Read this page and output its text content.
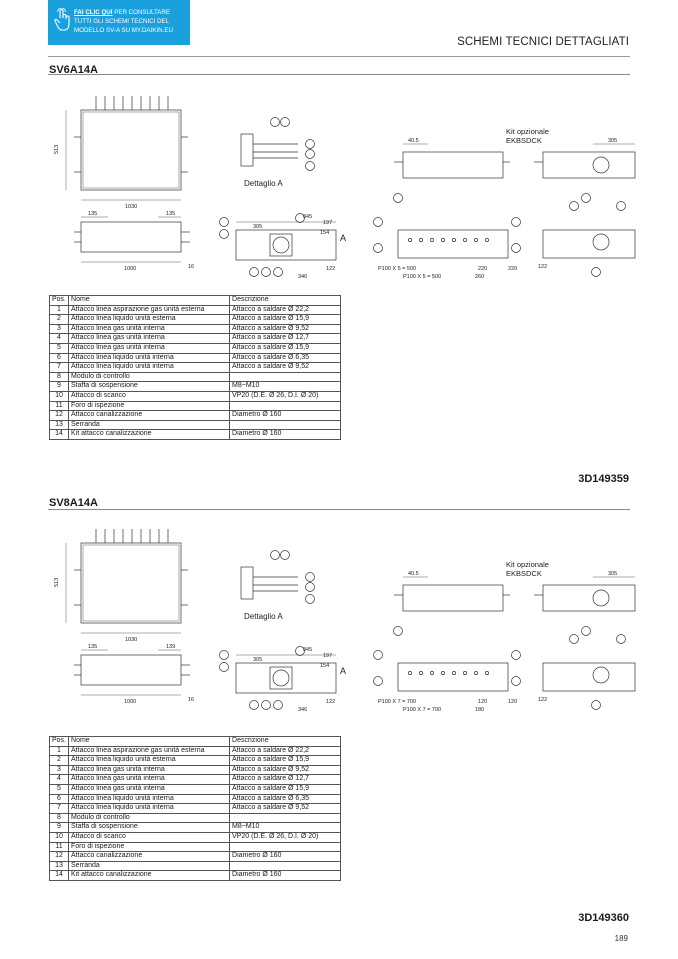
FAI CLIC QUI PER CONSULTARE
TUTTI GLI SCHEMI TECNICI DEL
MODELLO SV-A SU MY.DAIKIN.EU
SCHEMI TECNICI DETTAGLIATI
SV6A14A
1030
513
135	135
1000	16
Dettaglio A
845
305
197
154
122
346
A
Kit opzionale
EKBSDCK
40.5	305
P100 X 5 = 500
P100 X 5 = 500
220
260
220	122
Pos.	Nome	Descrizione
1	Attacco linea aspirazione gas unità esterna	Attacco a saldare Ø 22,2
2	Attacco linea liquido unità esterna	Attacco a saldare Ø 15,9
3	Attacco linea gas unità interna	Attacco a saldare Ø 9,52
4	Attacco linea gas unità interna	Attacco a saldare Ø 12,7
5	Attacco linea gas unità interna	Attacco a saldare Ø 15,9
6	Attacco linea liquido unità interna	Attacco a saldare Ø 6,35
7	Attacco linea liquido unità interna	Attacco a saldare Ø 9,52
8	Modulo di controllo	
9	Staffa di sospensione	M8~M10
10	Attacco di scarico	VP20 (D.E. Ø 26, D.I. Ø 20)
11	Foro di ispezione	
12	Attacco canalizzazione	Diametro Ø 160
13	Serranda	
14	Kit attacco canalizzazione	Diametro Ø 160
3D149359
SV8A14A
1030
513
135	139
1000	16
Dettaglio A
845
305
197
154
122
346
A
Kit opzionale
EKBSDCK
40.5	305
P100 X 7 = 700
P100 X 7 = 700
120
180
120	122
Pos.	Nome	Descrizione
1	Attacco linea aspirazione gas unità esterna	Attacco a saldare Ø 22,2
2	Attacco linea liquido unità esterna	Attacco a saldare Ø 15,9
3	Attacco linea gas unità interna	Attacco a saldare Ø 9,52
4	Attacco linea gas unità interna	Attacco a saldare Ø 12,7
5	Attacco linea gas unità interna	Attacco a saldare Ø 15,9
6	Attacco linea liquido unità interna	Attacco a saldare Ø 6,35
7	Attacco linea liquido unità interna	Attacco a saldare Ø 9,52
8	Modulo di controllo	
9	Staffa di sospensione	M8~M10
10	Attacco di scarico	VP20 (D.E. Ø 26, D.I. Ø 20)
11	Foro di ispezione	
12	Attacco canalizzazione	Diametro Ø 160
13	Serranda	
14	Kit attacco canalizzazione	Diametro Ø 160
3D149360
189
